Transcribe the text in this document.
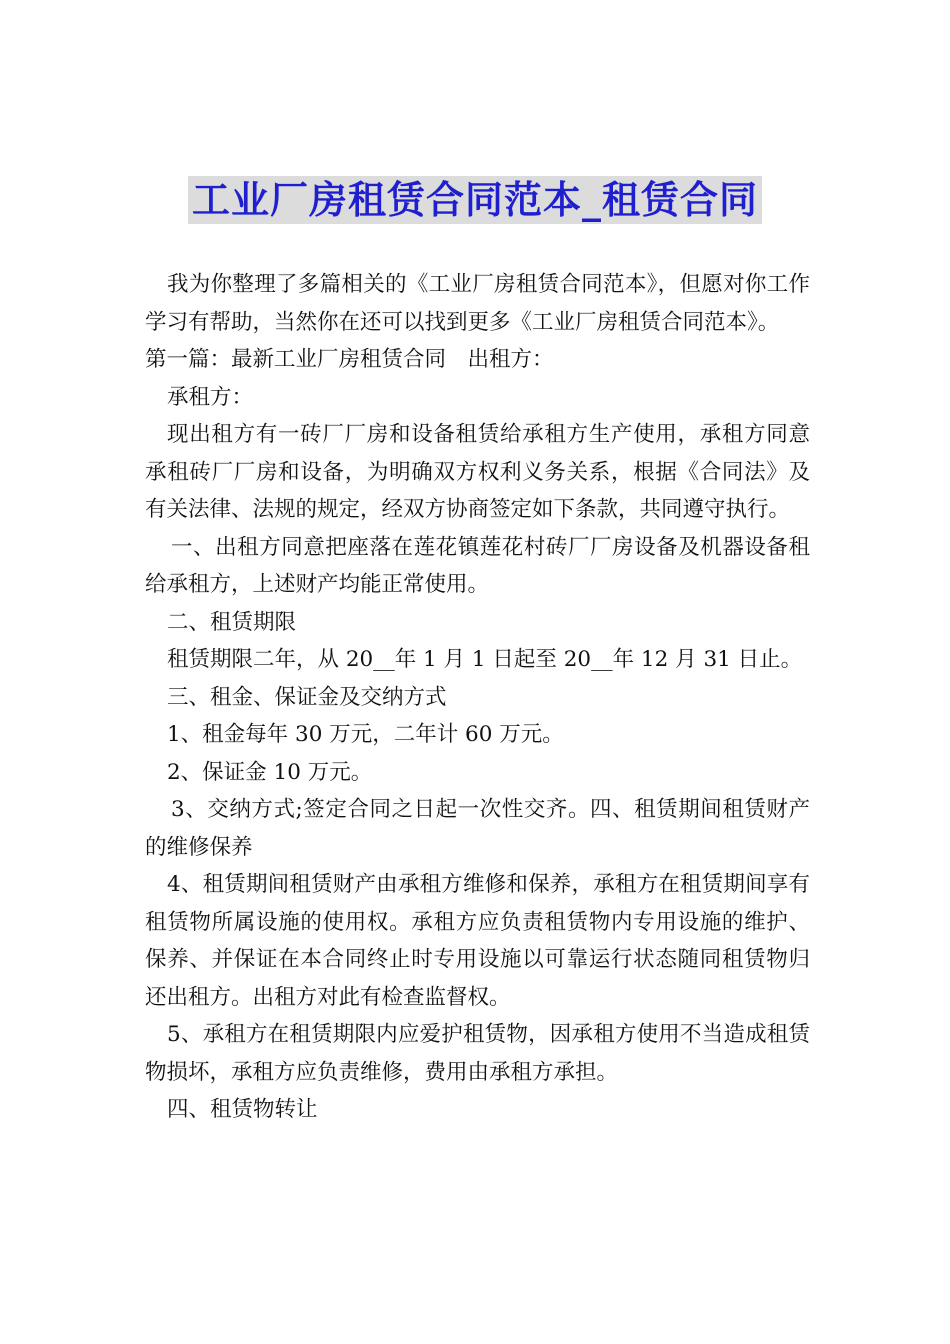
工业厂房租赁合同范本_租赁合同

我为你整理了多篇相关的《工业厂房租赁合同范本》，但愿对你工作学习有帮助，当然你在还可以找到更多《工业厂房租赁合同范本》。

第一篇：最新工业厂房租赁合同　出租方：

承租方：

现出租方有一砖厂厂房和设备租赁给承租方生产使用，承租方同意承租砖厂厂房和设备，为明确双方权利义务关系，根据《合同法》及有关法律、法规的规定，经双方协商签定如下条款，共同遵守执行。

一、出租方同意把座落在莲花镇莲花村砖厂厂房设备及机器设备租给承租方，上述财产均能正常使用。

二、租赁期限

租赁期限二年，从 20__年 1 月 1 日起至 20__年 12 月 31 日止。

三、租金、保证金及交纳方式

1、租金每年 30 万元，二年计 60 万元。

2、保证金 10 万元。

3、交纳方式;签定合同之日起一次性交齐。四、租赁期间租赁财产的维修保养

4、租赁期间租赁财产由承租方维修和保养，承租方在租赁期间享有租赁物所属设施的使用权。承租方应负责租赁物内专用设施的维护、保养、并保证在本合同终止时专用设施以可靠运行状态随同租赁物归还出租方。出租方对此有检查监督权。

5、承租方在租赁期限内应爱护租赁物，因承租方使用不当造成租赁物损坏，承租方应负责维修，费用由承租方承担。

四、租赁物转让
